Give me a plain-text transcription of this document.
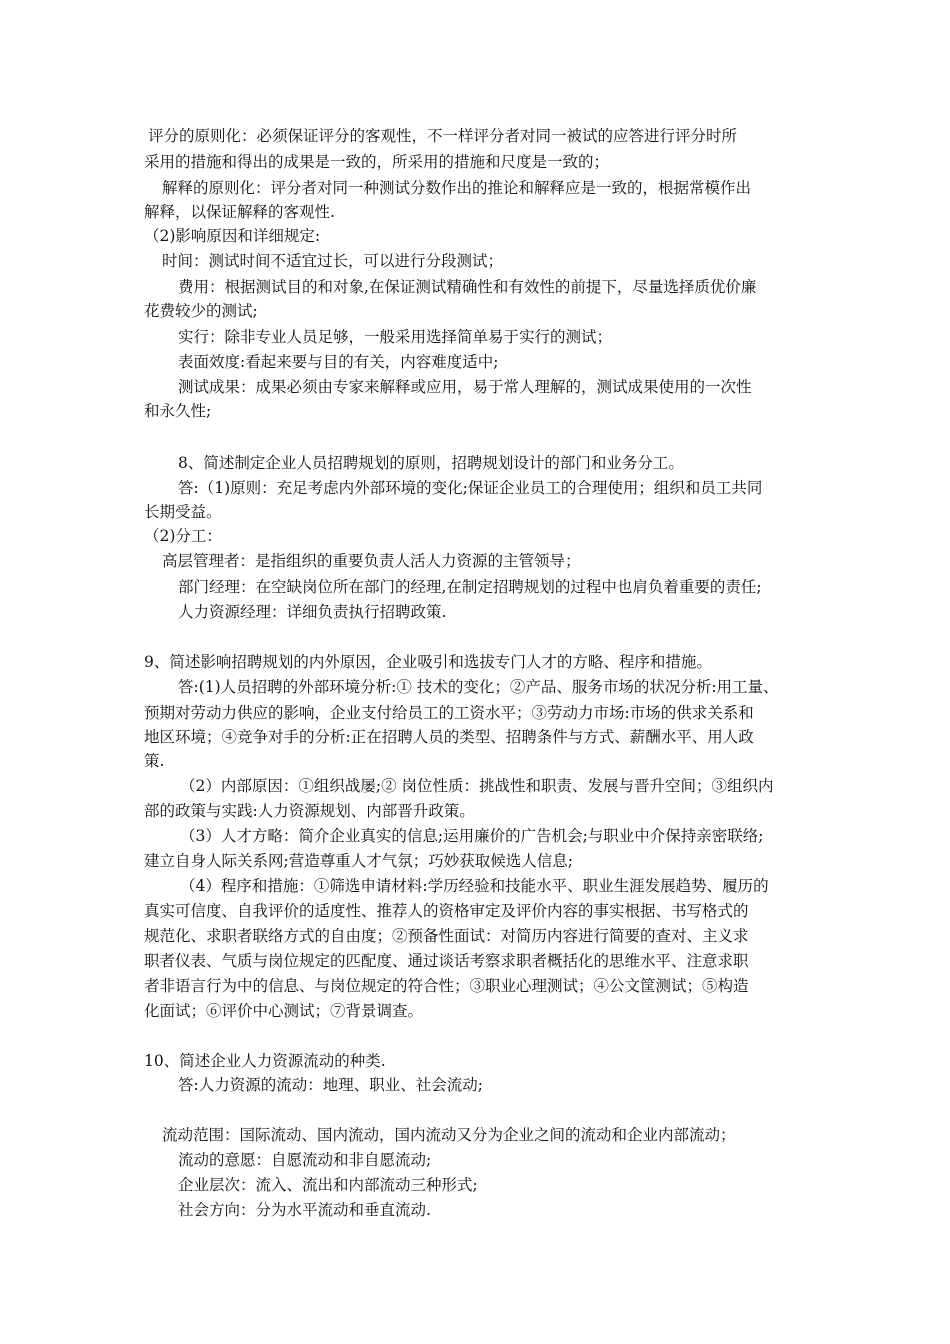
评分的原则化：必须保证评分的客观性，不一样评分者对同一被试的应答进行评分时所
采用的措施和得出的成果是一致的，所采用的措施和尺度是一致的；
解释的原则化：评分者对同一种测试分数作出的推论和解释应是一致的，根据常模作出
解释，以保证解释的客观性.
（2)影响原因和详细规定:
时间：测试时间不适宜过长，可以进行分段测试；
费用：根据测试目的和对象,在保证测试精确性和有效性的前提下，尽量选择质优价廉
花费较少的测试;
实行：除非专业人员足够，一般采用选择简单易于实行的测试；
表面效度:看起来要与目的有关，内容难度适中;
测试成果：成果必须由专家来解释或应用，易于常人理解的，测试成果使用的一次性
和永久性;
8、简述制定企业人员招聘规划的原则，招聘规划设计的部门和业务分工。
答:（1)原则：充足考虑内外部环境的变化;保证企业员工的合理使用；组织和员工共同
长期受益。
（2)分工：
高层管理者：是指组织的重要负责人活人力资源的主管领导；
部门经理：在空缺岗位所在部门的经理,在制定招聘规划的过程中也肩负着重要的责任;
人力资源经理：详细负责执行招聘政策.
9、简述影响招聘规划的内外原因，企业吸引和选拔专门人才的方略、程序和措施。
答:(1)人员招聘的外部环境分析:① 技术的变化；②产品、服务市场的状况分析:用工量、
预期对劳动力供应的影响，企业支付给员工的工资水平；③劳动力市场:市场的供求关系和
地区环境；④竞争对手的分析:正在招聘人员的类型、招聘条件与方式、薪酬水平、用人政
策.
（2）内部原因：①组织战屡;② 岗位性质：挑战性和职责、发展与晋升空间；③组织内
部的政策与实践:人力资源规划、内部晋升政策。
（3）人才方略：简介企业真实的信息;运用廉价的广告机会;与职业中介保持亲密联络;
建立自身人际关系网;营造尊重人才气氛；巧妙获取候选人信息;
（4）程序和措施：①筛选申请材料:学历经验和技能水平、职业生涯发展趋势、履历的
真实可信度、自我评价的适度性、推荐人的资格审定及评价内容的事实根据、书写格式的
规范化、求职者联络方式的自由度；②预备性面试：对简历内容进行简要的查对、主义求
职者仪表、气质与岗位规定的匹配度、通过谈话考察求职者概括化的思维水平、注意求职
者非语言行为中的信息、与岗位规定的符合性；③职业心理测试；④公文筐测试；⑤构造
化面试；⑥评价中心测试；⑦背景调查。
10、简述企业人力资源流动的种类.
答:人力资源的流动：地理、职业、社会流动;
流动范围：国际流动、国内流动，国内流动又分为企业之间的流动和企业内部流动；
流动的意愿：自愿流动和非自愿流动;
企业层次：流入、流出和内部流动三种形式;
社会方向：分为水平流动和垂直流动.
